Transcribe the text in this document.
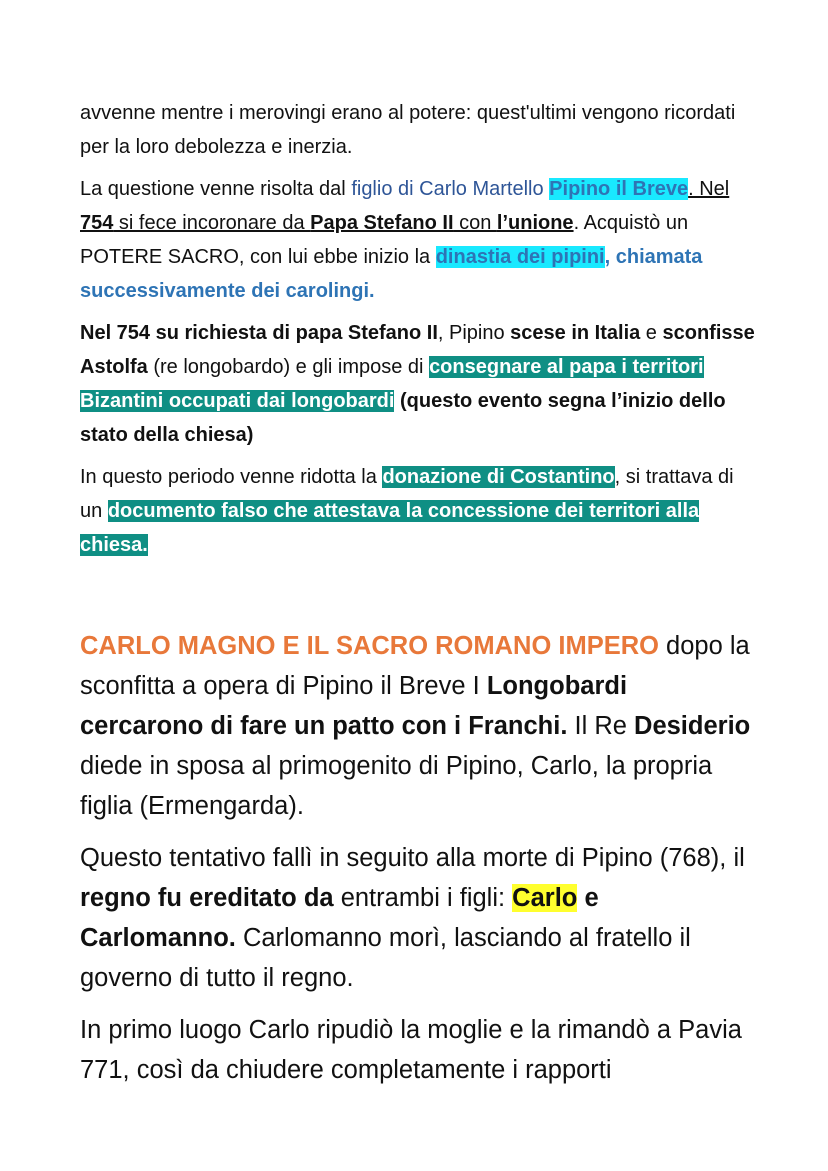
avvenne mentre i merovingi erano al potere: quest'ultimi vengono ricordati per la loro debolezza e inerzia.

La questione venne risolta dal figlio di Carlo Martello Pipino il Breve. Nel 754 si fece incoronare da Papa Stefano II con l’unione. Acquistò un POTERE SACRO, con lui ebbe inizio la dinastia dei pipini, chiamata successivamente dei carolingi.

Nel 754 su richiesta di papa Stefano II, Pipino scese in Italia e sconfisse Astolfa (re longobardo) e gli impose di consegnare al papa i territori Bizantini occupati dai longobardi (questo evento segna l’inizio dello stato della chiesa)

In questo periodo venne ridotta la donazione di Costantino, si trattava di un documento falso che attestava la concessione dei territori alla chiesa.

CARLO MAGNO E IL SACRO ROMANO IMPERO dopo la sconfitta a opera di Pipino il Breve I Longobardi cercarono di fare un patto con i Franchi. Il Re Desiderio diede in sposa al primogenito di Pipino, Carlo, la propria figlia (Ermengarda).

Questo tentativo fallì in seguito alla morte di Pipino (768), il regno fu ereditato da entrambi i figli: Carlo e Carlomanno. Carlomanno morì, lasciando al fratello il governo di tutto il regno.

In primo luogo Carlo ripudiò la moglie e la rimandò a Pavia 771, così da chiudere completamente i rapporti
